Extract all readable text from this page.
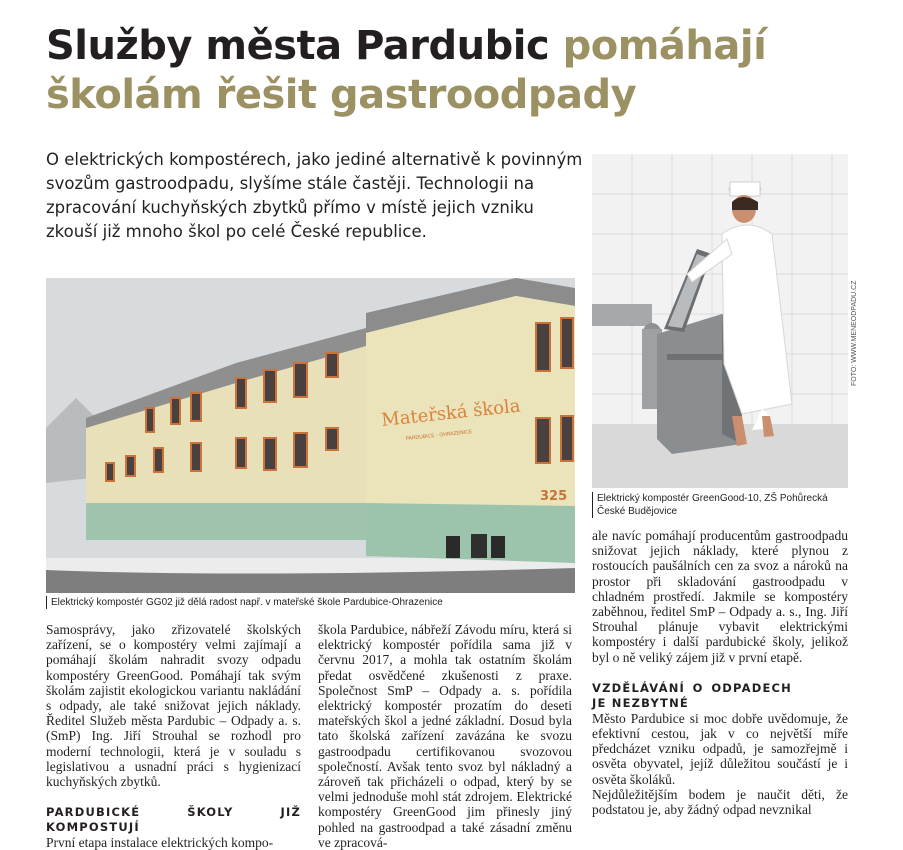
Služby města Pardubic pomáhají
školám řešit gastroodpady

O elektrických kompostérech, jako jediné alternativě k povinným svozům gastroodpadu, slyšíme stále častěji. Technologii na zpracování kuchyňských zbytků přímo v místě jejich vzniku zkouší již mnoho škol po celé České republice.

Mateřská škola
PARDUBICE - OHRAZENICE
325
Elektrický kompostér GG02 již dělá radost např. v mateřské škole Pardubice-Ohrazenice
FOTO: WWW.MENEODPADU.CZ
Elektrický kompostér GreenGood-10, ZŠ Pohůrecká
České Budějovice

Samosprávy, jako zřizovatelé školských zařízení, se o kompostéry velmi zajímají a pomáhají školám nahradit svozy odpadu kompostéry GreenGood. Pomáhají tak svým školám zajistit ekologickou variantu nakládání s odpady, ale také snižovat jejich náklady. Ředitel Služeb města Pardubic – Odpady a. s. (SmP) Ing. Jiří Strouhal se rozhodl pro moderní technologii, která je v souladu s legislativou a usnadní práci s hygienizací kuchyňských zbytků.

PARDUBICKÉ ŠKOLY JIŽ KOMPOSTUJÍ

První etapa instalace elektrických kompo-

škola Pardubice, nábřeží Závodu míru, která si elektrický kompostér pořídila sama již v červnu 2017, a mohla tak ostatním školám předat osvědčené zkušenosti z praxe. Společnost SmP – Odpady a. s. pořídila elektrický kompostér prozatím do deseti mateřských škol a jedné základní. Dosud byla tato školská zařízení zavázána ke svozu gastroodpadu certifikovanou svozovou společností. Avšak tento svoz byl nákladný a zároveň tak přicházeli o odpad, který by se velmi jednoduše mohl stát zdrojem. Elektrické kompostéry GreenGood jim přinesly jiný pohled na gastroodpad a také zásadní změnu ve zpracová-

ale navíc pomáhají producentům gastroodpadu snižovat jejich náklady, které plynou z rostoucích paušálních cen za svoz a nároků na prostor při skladování gastroodpadu v chladném prostředí. Jakmile se kompostéry zaběhnou, ředitel SmP – Odpady a. s., Ing. Jiří Strouhal plánuje vybavit elektrickými kompostéry i další pardubické školy, jelikož byl o ně veliký zájem již v první etapě.

VZDĚLÁVÁNÍ O ODPADECH JE NEZBYTNÉ

Město Pardubice si moc dobře uvědomuje, že efektivní cestou, jak v co největší míře předcházet vzniku odpadů, je samozřejmě i osvěta obyvatel, jejíž důležitou součástí je i osvěta školáků.

Nejdůležitějším bodem je naučit děti, že podstatou je, aby žádný odpad nevznikal
